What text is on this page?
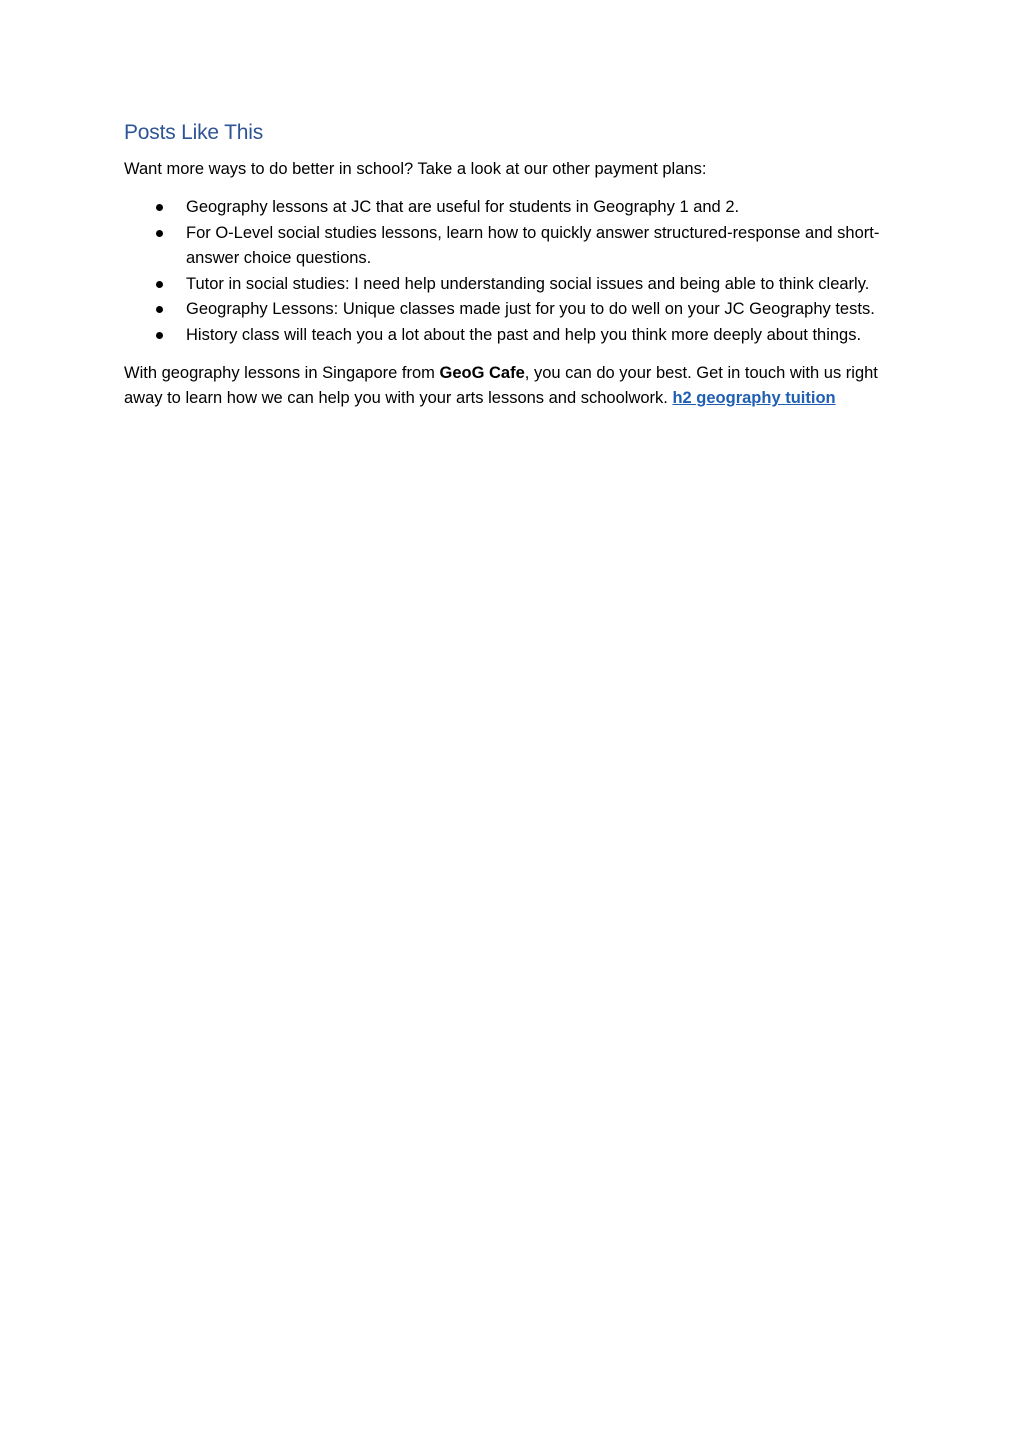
Posts Like This

Want more ways to do better in school? Take a look at our other payment plans:

Geography lessons at JC that are useful for students in Geography 1 and 2.
For O-Level social studies lessons, learn how to quickly answer structured-response and short-answer choice questions.
Tutor in social studies: I need help understanding social issues and being able to think clearly.
Geography Lessons: Unique classes made just for you to do well on your JC Geography tests.
History class will teach you a lot about the past and help you think more deeply about things.

With geography lessons in Singapore from GeoG Cafe, you can do your best. Get in touch with us right away to learn how we can help you with your arts lessons and schoolwork. h2 geography tuition
